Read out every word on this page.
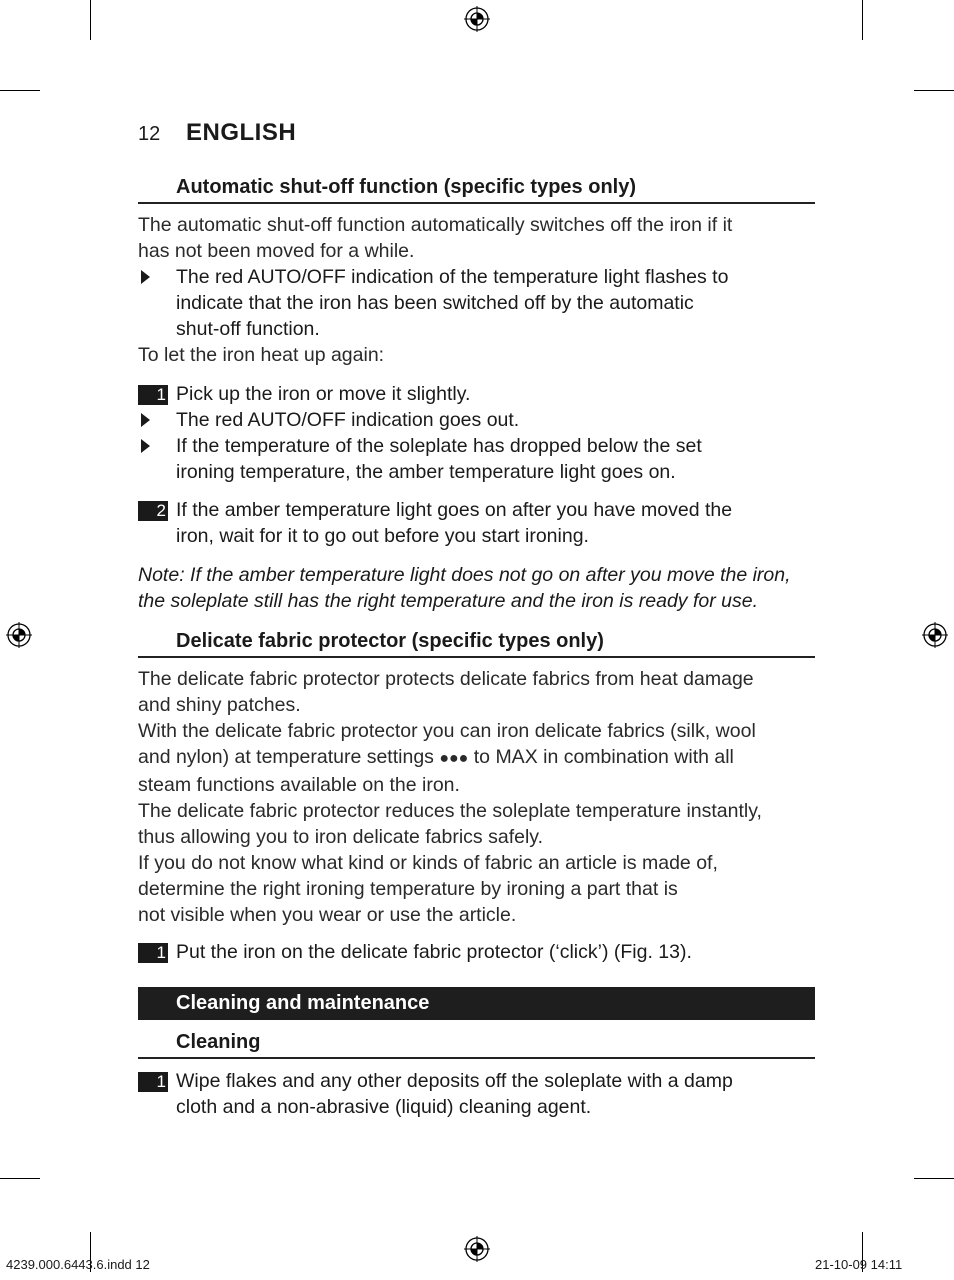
12 ENGLISH
Automatic shut-off function (specific types only)
The automatic shut-off function automatically switches off the iron if it
has not been moved for a while.
The red AUTO/OFF indication of the temperature light flashes to
indicate that the iron has been switched off by the automatic
shut-off function.
To let the iron heat up again:
1 Pick up the iron or move it slightly.
The red AUTO/OFF indication goes out.
If the temperature of the soleplate has dropped below the set
ironing temperature, the amber temperature light goes on.
2 If the amber temperature light goes on after you have moved the
iron, wait for it to go out before you start ironing.
Note: If the amber temperature light does not go on after you move the iron,
the soleplate still has the right temperature and the iron is ready for use.
Delicate fabric protector (specific types only)
The delicate fabric protector protects delicate fabrics from heat damage
and shiny patches.
With the delicate fabric protector you can iron delicate fabrics (silk, wool
and nylon) at temperature settings ●●● to MAX in combination with all
steam functions available on the iron.
The delicate fabric protector reduces the soleplate temperature instantly,
thus allowing you to iron delicate fabrics safely.
If you do not know what kind or kinds of fabric an article is made of,
determine the right ironing temperature by ironing a part that is
not visible when you wear or use the article.
1 Put the iron on the delicate fabric protector (‘click’) (Fig. 13).
Cleaning and maintenance
Cleaning
1 Wipe flakes and any other deposits off the soleplate with a damp
cloth and a non-abrasive (liquid) cleaning agent.
4239.000.6443.6.indd 12	21-10-09 14:11
